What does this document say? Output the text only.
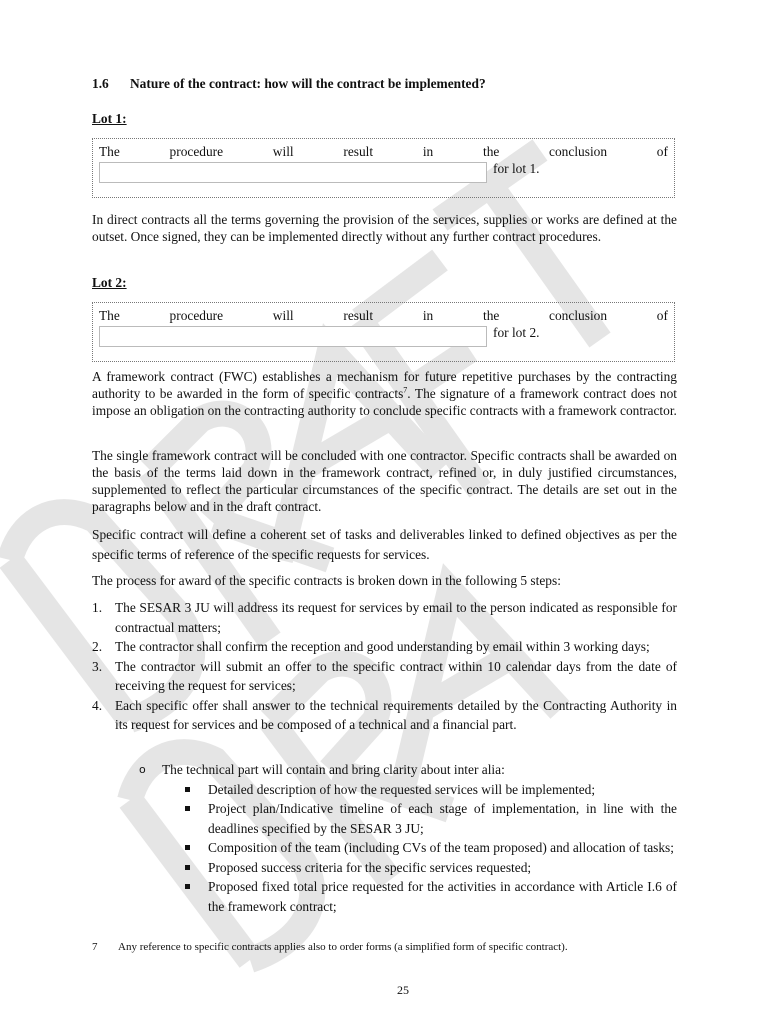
1.6 Nature of the contract: how will the contract be implemented?
Lot 1:
The	procedure	will	result	in	the	conclusion	of
for lot 1.
In direct contracts all the terms governing the provision of the services, supplies or works are defined at the outset. Once signed, they can be implemented directly without any further contract procedures.
Lot 2:
The	procedure	will	result	in	the	conclusion	of
for lot 2.
A framework contract (FWC) establishes a mechanism for future repetitive purchases by the contracting authority to be awarded in the form of specific contracts$^7$. The signature of a framework contract does not impose an obligation on the contracting authority to conclude specific contracts with a framework contractor.
The single framework contract will be concluded with one contractor. Specific contracts shall be awarded on the basis of the terms laid down in the framework contract, refined or, in duly justified circumstances, supplemented to reflect the particular circumstances of the specific contract. The details are set out in the paragraphs below and in the draft contract.
Specific contract will define a coherent set of tasks and deliverables linked to defined objectives as per the specific terms of reference of the specific requests for services.
The process for award of the specific contracts is broken down in the following 5 steps:
1. The SESAR 3 JU will address its request for services by email to the person indicated as responsible for contractual matters;
2. The contractor shall confirm the reception and good understanding by email within 3 working days;
3. The contractor will submit an offer to the specific contract within 10 calendar days from the date of receiving the request for services;
4. Each specific offer shall answer to the technical requirements detailed by the Contracting Authority in its request for services and be composed of a technical and a financial part.
o The technical part will contain and bring clarity about inter alia:
Detailed description of how the requested services will be implemented;
Project plan/Indicative timeline of each stage of implementation, in line with the deadlines specified by the SESAR 3 JU;
Composition of the team (including CVs of the team proposed) and allocation of tasks;
Proposed success criteria for the specific services requested;
Proposed fixed total price requested for the activities in accordance with Article I.6 of the framework contract;
7 Any reference to specific contracts applies also to order forms (a simplified form of specific contract).
25
